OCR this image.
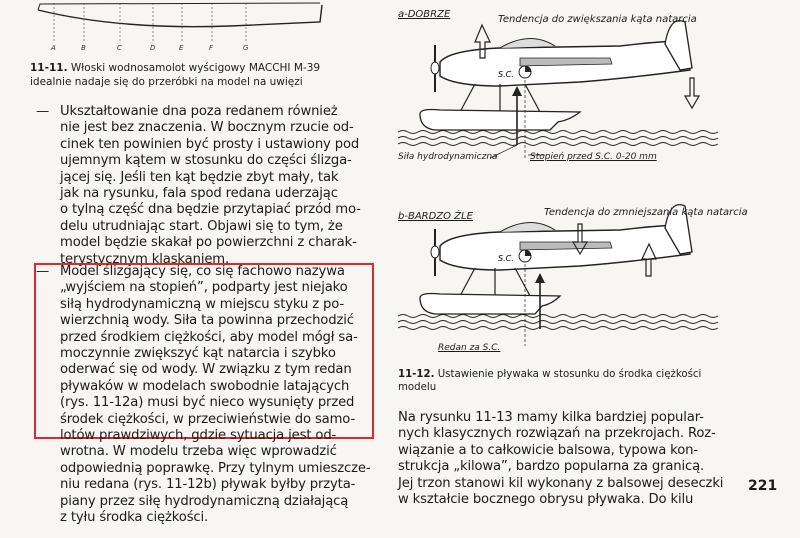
A	B	C	D	E	F	G
11-11. Włoski wodnosamolot wyścigowy MACCHI M-39
idealnie nadaje się do przeróbki na model na uwięzi
— Ukształtowanie dna poza redanem również
nie jest bez znaczenia. W bocznym rzucie od-
cinek ten powinien być prosty i ustawiony pod
ujemnym kątem w stosunku do części ślizga-
jącej się. Jeśli ten kąt będzie zbyt mały, tak
jak na rysunku, fala spod redana uderzając
o tylną część dna będzie przytapiać przód mo-
delu utrudniając start. Objawi się to tym, że
model będzie skakał po powierzchni z charak-
terystycznym klaskaniem.
— Model ślizgający się, co się fachowo nazywa
„wyjściem na stopień”, podparty jest niejako
siłą hydrodynamiczną w miejscu styku z po-
wierzchnią wody. Siła ta powinna przechodzić
przed środkiem ciężkości, aby model mógł sa-
moczynnie zwiększyć kąt natarcia i szybko
oderwać się od wody. W związku z tym redan
pływaków w modelach swobodnie latających
(rys. 11-12a) musi być nieco wysunięty przed
środek ciężkości, w przeciwieństwie do samo-
lotów prawdziwych, gdzie sytuacja jest od-
wrotna. W modelu trzeba więc wprowadzić
odpowiednią poprawkę. Przy tylnym umieszcze-
niu redana (rys. 11-12b) pływak byłby przyta-
piany przez siłę hydrodynamiczną działającą
z tyłu środka ciężkości.
S.C.
S.C.
a-DOBRZE	Tendencja do zwiększania kąta natarcia
Siła hydrodynamiczna	Stopień przed S.C. 0-20 mm
b-BARDZO ŹLE	Tendencja do zmniejszania kąta natarcia
Redan za S.C.
11-12. Ustawienie pływaka w stosunku do środka ciężkości
modelu
Na rysunku 11-13 mamy kilka bardziej popular-
nych klasycznych rozwiązań na przekrojach. Roz-
wiązanie a to całkowicie balsowa, typowa kon-
strukcja „kilowa”, bardzo popularna za granicą.
Jej trzon stanowi kil wykonany z balsowej deseczki
w kształcie bocznego obrysu pływaka. Do kilu
221
